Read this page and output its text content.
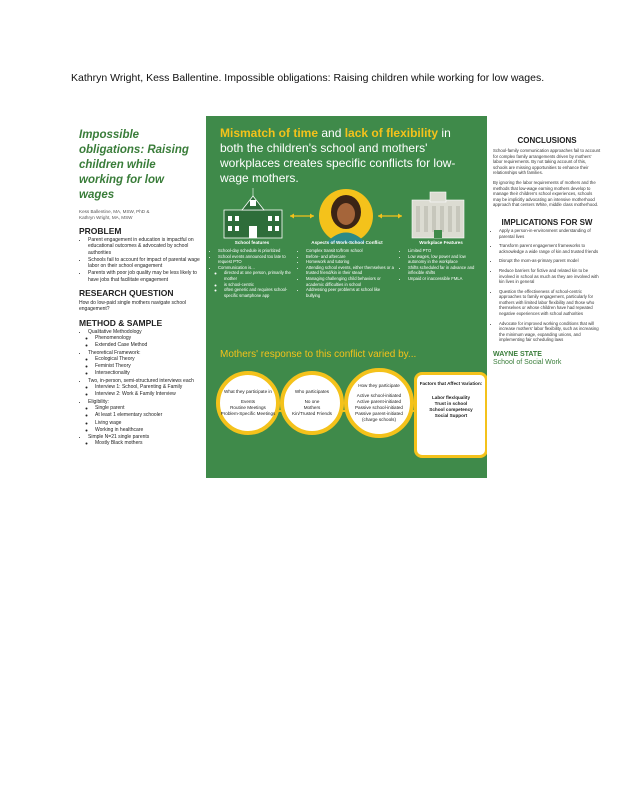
Kathryn Wright, Kess Ballentine. Impossible obligations: Raising children while working for low wages.
Impossible obligations: Raising children while working for low wages
Kess Ballentine, MA, MSW, PhD &
Kathryn Wright, MA, MSW
PROBLEM
• Parent engagement in education is impactful on educational outcomes & advocated by school authorities
• Schools fail to account for impact of parental wage labor on their school engagement
• Parents with poor job quality may be less likely to have jobs that facilitate engagement
RESEARCH QUESTION
How do low-paid single mothers navigate school engagement?
METHOD & SAMPLE
• Qualitative Methodology
◦ Phenomenology
◦ Extended Case Method
• Theoretical Framework:
◦ Ecological Theory
◦ Feminist Theory
◦ Intersectionality
• Two, in-person, semi-structured interviews each
◦ Interview 1: School, Parenting & Family
◦ Interview 2: Work & Family Interview
• Eligibility:
◦ Single parent
◦ At least 1 elementary schooler
◦ Living wage
◦ Working in healthcare
• Simple N=21 single parents
◦ Mostly Black mothers
Mismatch of time and lack of flexibility in both the children's school and mothers' workplaces creates specific conflicts for low-wage mothers.
School features
• School-day schedule is prioritized
• School events announced too late to request PTO
• Communication is...
◦ directed at one person, primarily the mother
◦ is school-centric
◦ often generic and requires school-specific smartphone app
Aspects of Work-School Conflict
• Complex transit to/from school
• Before- and aftercare
• Homework and tutoring
• Attending school events, either themselves or a trusted friend/kin in their stead
• Managing challenging child behaviors or academic difficulties in school
• Addressing peer problems at school like bullying
Workplace Features
• Limited PTO
• Low wages, low power and low autonomy in the workplace
• Shifts scheduled far in advance and inflexible shifts
• Unpaid or inaccessible FMLA
Mothers' response to this conflict varied by...
What they participate in
Events
Routine Meetings
Problem-Specific Meetings
Who participates
No one
Mothers
Kin/Trusted Friends
How they participate
Active school-initiated
Active parent-initiated
Passive school-initiated
Passive parent-initiated (charge schools)
Factors that Affect Variation:
Labor flex/quality
Trust in school
School competency
Social Support
CONCLUSIONS

School-family communication approaches fail to account for complex family arrangements driven by mothers' labor requirements. By not taking account of this, schools are missing opportunities to enhance their relationships with families.

By ignoring the labor requirements of mothers and the methods that low-wage earning mothers develop to manage their children's school experiences, schools may be implicitly advocating an intensive motherhood approach that centers White, middle class motherhood.

IMPLICATIONS FOR SW
• Apply a person-in-environment understanding of parental lives
• Transform parent engagement frameworks to acknowledge a wide range of kin and trusted friends
• Disrupt the mom-as-primary parent model
• Reduce barriers for fictive and related kin to be involved in school as much as they are involved with kin lives in general
• Question the effectiveness of school-centric approaches to family engagement, particularly for mothers with limited labor flexibility and those who themselves or whose children have had repeated negative experiences with school authorities
• Advocate for improved working conditions that will increase mothers' labor flexibility, such as increasing the minimum wage, expanding unions, and implementing fair scheduling laws
WAYNE STATE
School of Social Work
